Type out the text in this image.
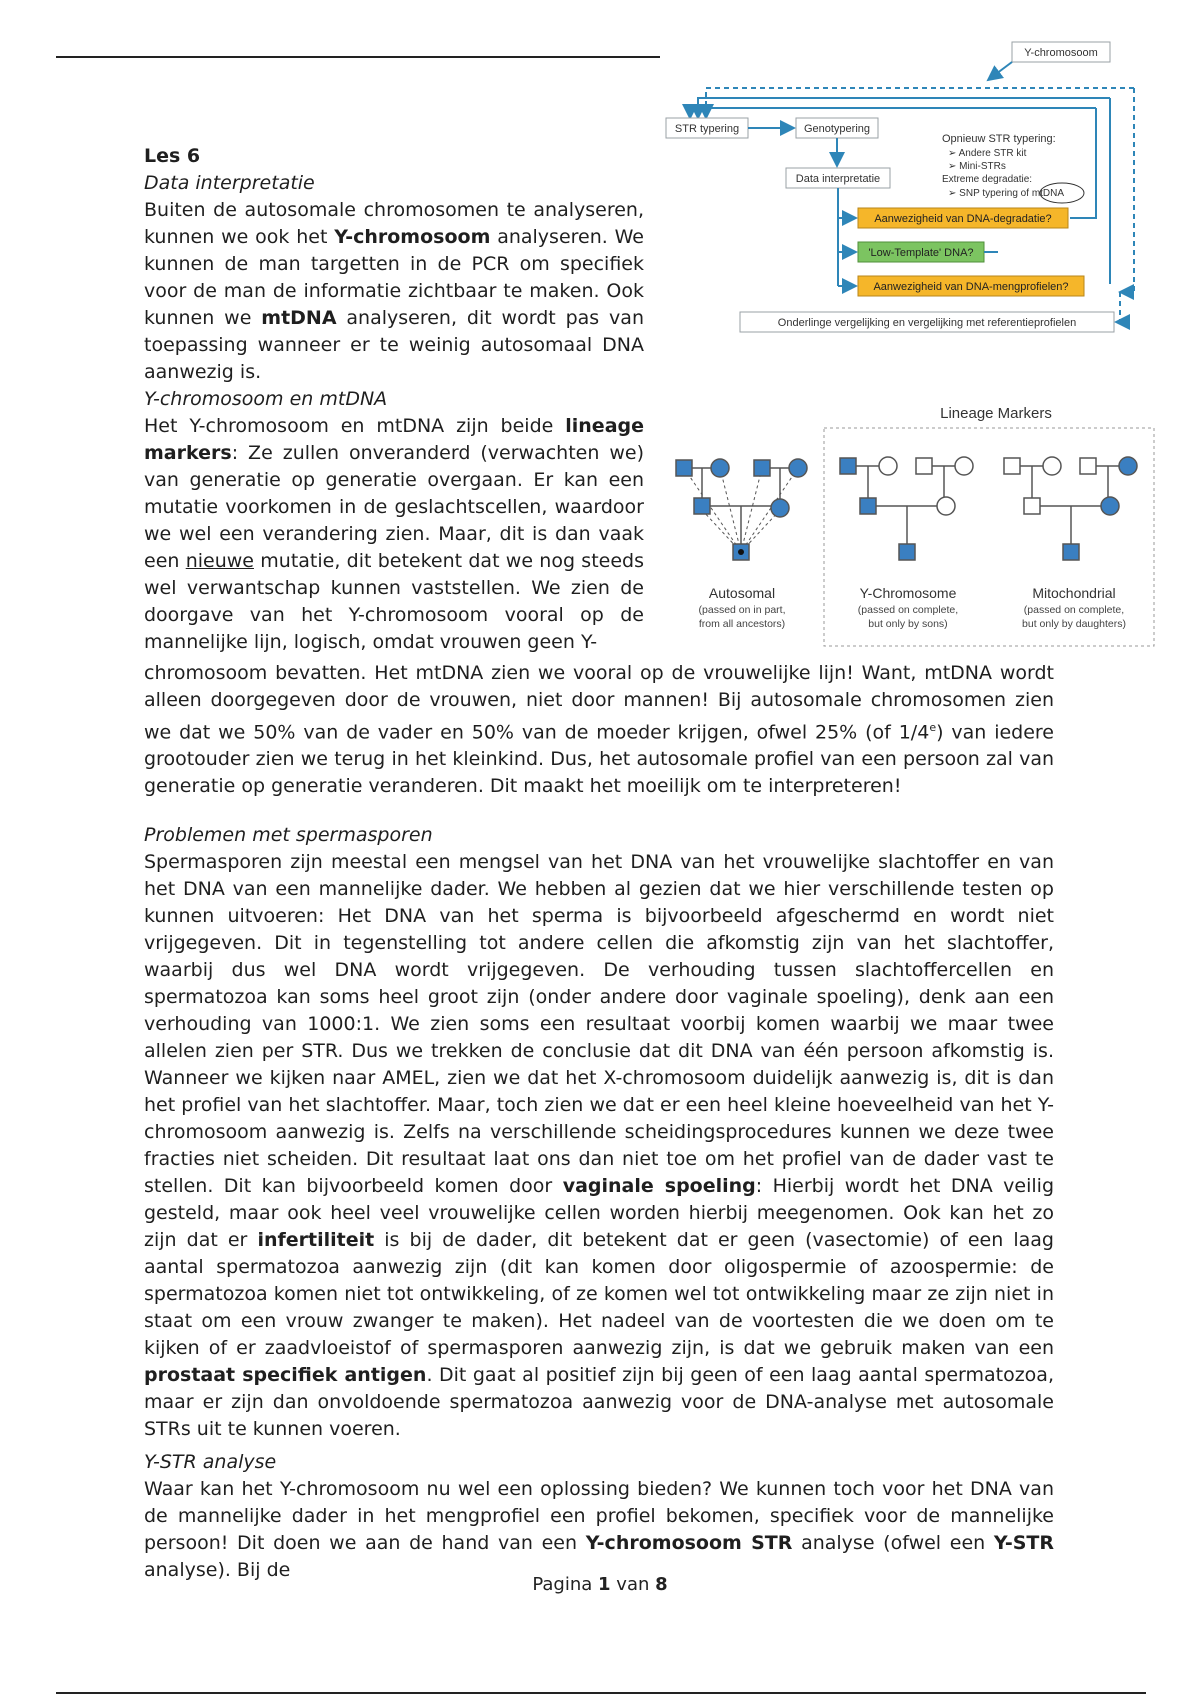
Y-chromosoom
STR typering	Genotypering
Data interpretatie
Aanwezigheid van DNA-degradatie?
'Low-Template' DNA?
Aanwezigheid van DNA-mengprofielen?
Opnieuw STR typering:
➢ Andere STR kit
➢ Mini-STRs
Extreme degradatie:
➢ SNP typering of mtDNA
Onderlinge vergelijking en vergelijking met referentieprofielen
Lineage Markers
Autosomal
(passed on in part,
from all ancestors)
Y-Chromosome
(passed on complete,
but only by sons)
Mitochondrial
(passed on complete,
but only by daughters)
Les 6
Data interpretatie
Buiten de autosomale chromosomen te analyseren, kunnen we ook het Y-chromosoom analyseren. We kunnen de man targetten in de PCR om specifiek voor de man de informatie zichtbaar te maken. Ook kunnen we mtDNA analyseren, dit wordt pas van toepassing wanneer er te weinig autosomaal DNA aanwezig is.
Y-chromosoom en mtDNA
Het Y-chromosoom en mtDNA zijn beide lineage markers: Ze zullen onveranderd (verwachten we) van generatie op generatie overgaan. Er kan een mutatie voorkomen in de geslachtscellen, waardoor we wel een verandering zien. Maar, dit is dan vaak een nieuwe mutatie, dit betekent dat we nog steeds wel verwantschap kunnen vaststellen. We zien de doorgave van het Y-chromosoom vooral op de mannelijke lijn, logisch, omdat vrouwen geen Y-
chromosoom bevatten. Het mtDNA zien we vooral op de vrouwelijke lijn! Want, mtDNA wordt alleen doorgegeven door de vrouwen, niet door mannen! Bij autosomale chromosomen zien we dat we 50% van de vader en 50% van de moeder krijgen, ofwel 25% (of 1/4e) van iedere grootouder zien we terug in het kleinkind. Dus, het autosomale profiel van een persoon zal van generatie op generatie veranderen. Dit maakt het moeilijk om te interpreteren!
Problemen met spermasporen
Spermasporen zijn meestal een mengsel van het DNA van het vrouwelijke slachtoffer en van het DNA van een mannelijke dader. We hebben al gezien dat we hier verschillende testen op kunnen uitvoeren: Het DNA van het sperma is bijvoorbeeld afgeschermd en wordt niet vrijgegeven. Dit in tegenstelling tot andere cellen die afkomstig zijn van het slachtoffer, waarbij dus wel DNA wordt vrijgegeven. De verhouding tussen slachtoffercellen en spermatozoa kan soms heel groot zijn (onder andere door vaginale spoeling), denk aan een verhouding van 1000:1. We zien soms een resultaat voorbij komen waarbij we maar twee allelen zien per STR. Dus we trekken de conclusie dat dit DNA van één persoon afkomstig is. Wanneer we kijken naar AMEL, zien we dat het X-chromosoom duidelijk aanwezig is, dit is dan het profiel van het slachtoffer. Maar, toch zien we dat er een heel kleine hoeveelheid van het Y-chromosoom aanwezig is. Zelfs na verschillende scheidingsprocedures kunnen we deze twee fracties niet scheiden. Dit resultaat laat ons dan niet toe om het profiel van de dader vast te stellen. Dit kan bijvoorbeeld komen door vaginale spoeling: Hierbij wordt het DNA veilig gesteld, maar ook heel veel vrouwelijke cellen worden hierbij meegenomen. Ook kan het zo zijn dat er infertiliteit is bij de dader, dit betekent dat er geen (vasectomie) of een laag aantal spermatozoa aanwezig zijn (dit kan komen door oligospermie of azoospermie: de spermatozoa komen niet tot ontwikkeling, of ze komen wel tot ontwikkeling maar ze zijn niet in staat om een vrouw zwanger te maken). Het nadeel van de voortesten die we doen om te kijken of er zaadvloeistof of spermasporen aanwezig zijn, is dat we gebruik maken van een prostaat specifiek antigen. Dit gaat al positief zijn bij geen of een laag aantal spermatozoa, maar er zijn dan onvoldoende spermatozoa aanwezig voor de DNA-analyse met autosomale STRs uit te kunnen voeren.
Y-STR analyse
Waar kan het Y-chromosoom nu wel een oplossing bieden? We kunnen toch voor het DNA van de mannelijke dader in het mengprofiel een profiel bekomen, specifiek voor de mannelijke persoon! Dit doen we aan de hand van een Y-chromosoom STR analyse (ofwel een Y-STR analyse). Bij de
Pagina 1 van 8
